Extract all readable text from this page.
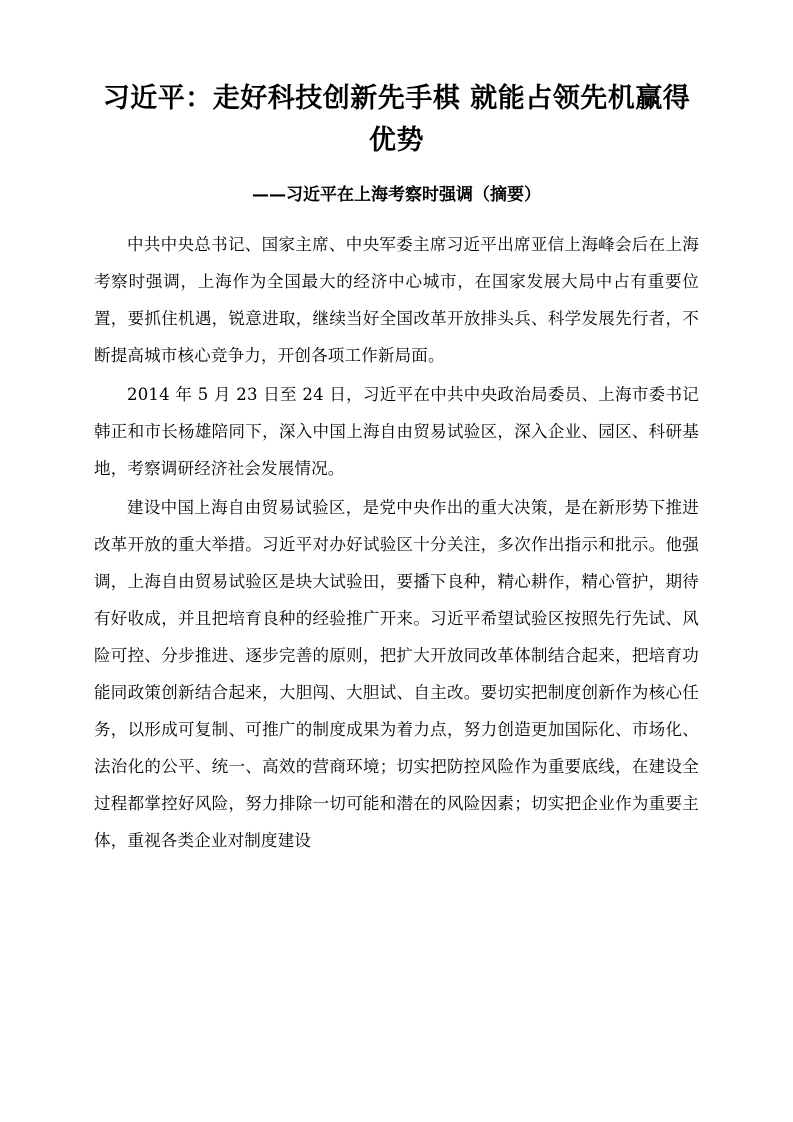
习近平：走好科技创新先手棋 就能占领先机赢得优势
——习近平在上海考察时强调（摘要）

中共中央总书记、国家主席、中央军委主席习近平出席亚信上海峰会后在上海考察时强调，上海作为全国最大的经济中心城市，在国家发展大局中占有重要位置，要抓住机遇，锐意进取，继续当好全国改革开放排头兵、科学发展先行者，不断提高城市核心竞争力，开创各项工作新局面。

2014 年 5 月 23 日至 24 日，习近平在中共中央政治局委员、上海市委书记韩正和市长杨雄陪同下，深入中国上海自由贸易试验区，深入企业、园区、科研基地，考察调研经济社会发展情况。

建设中国上海自由贸易试验区，是党中央作出的重大决策，是在新形势下推进改革开放的重大举措。习近平对办好试验区十分关注，多次作出指示和批示。他强调，上海自由贸易试验区是块大试验田，要播下良种，精心耕作，精心管护，期待有好收成，并且把培育良种的经验推广开来。习近平希望试验区按照先行先试、风险可控、分步推进、逐步完善的原则，把扩大开放同改革体制结合起来，把培育功能同政策创新结合起来，大胆闯、大胆试、自主改。要切实把制度创新作为核心任务，以形成可复制、可推广的制度成果为着力点，努力创造更加国际化、市场化、法治化的公平、统一、高效的营商环境；切实把防控风险作为重要底线，在建设全过程都掌控好风险，努力排除一切可能和潜在的风险因素；切实把企业作为重要主体，重视各类企业对制度建设
